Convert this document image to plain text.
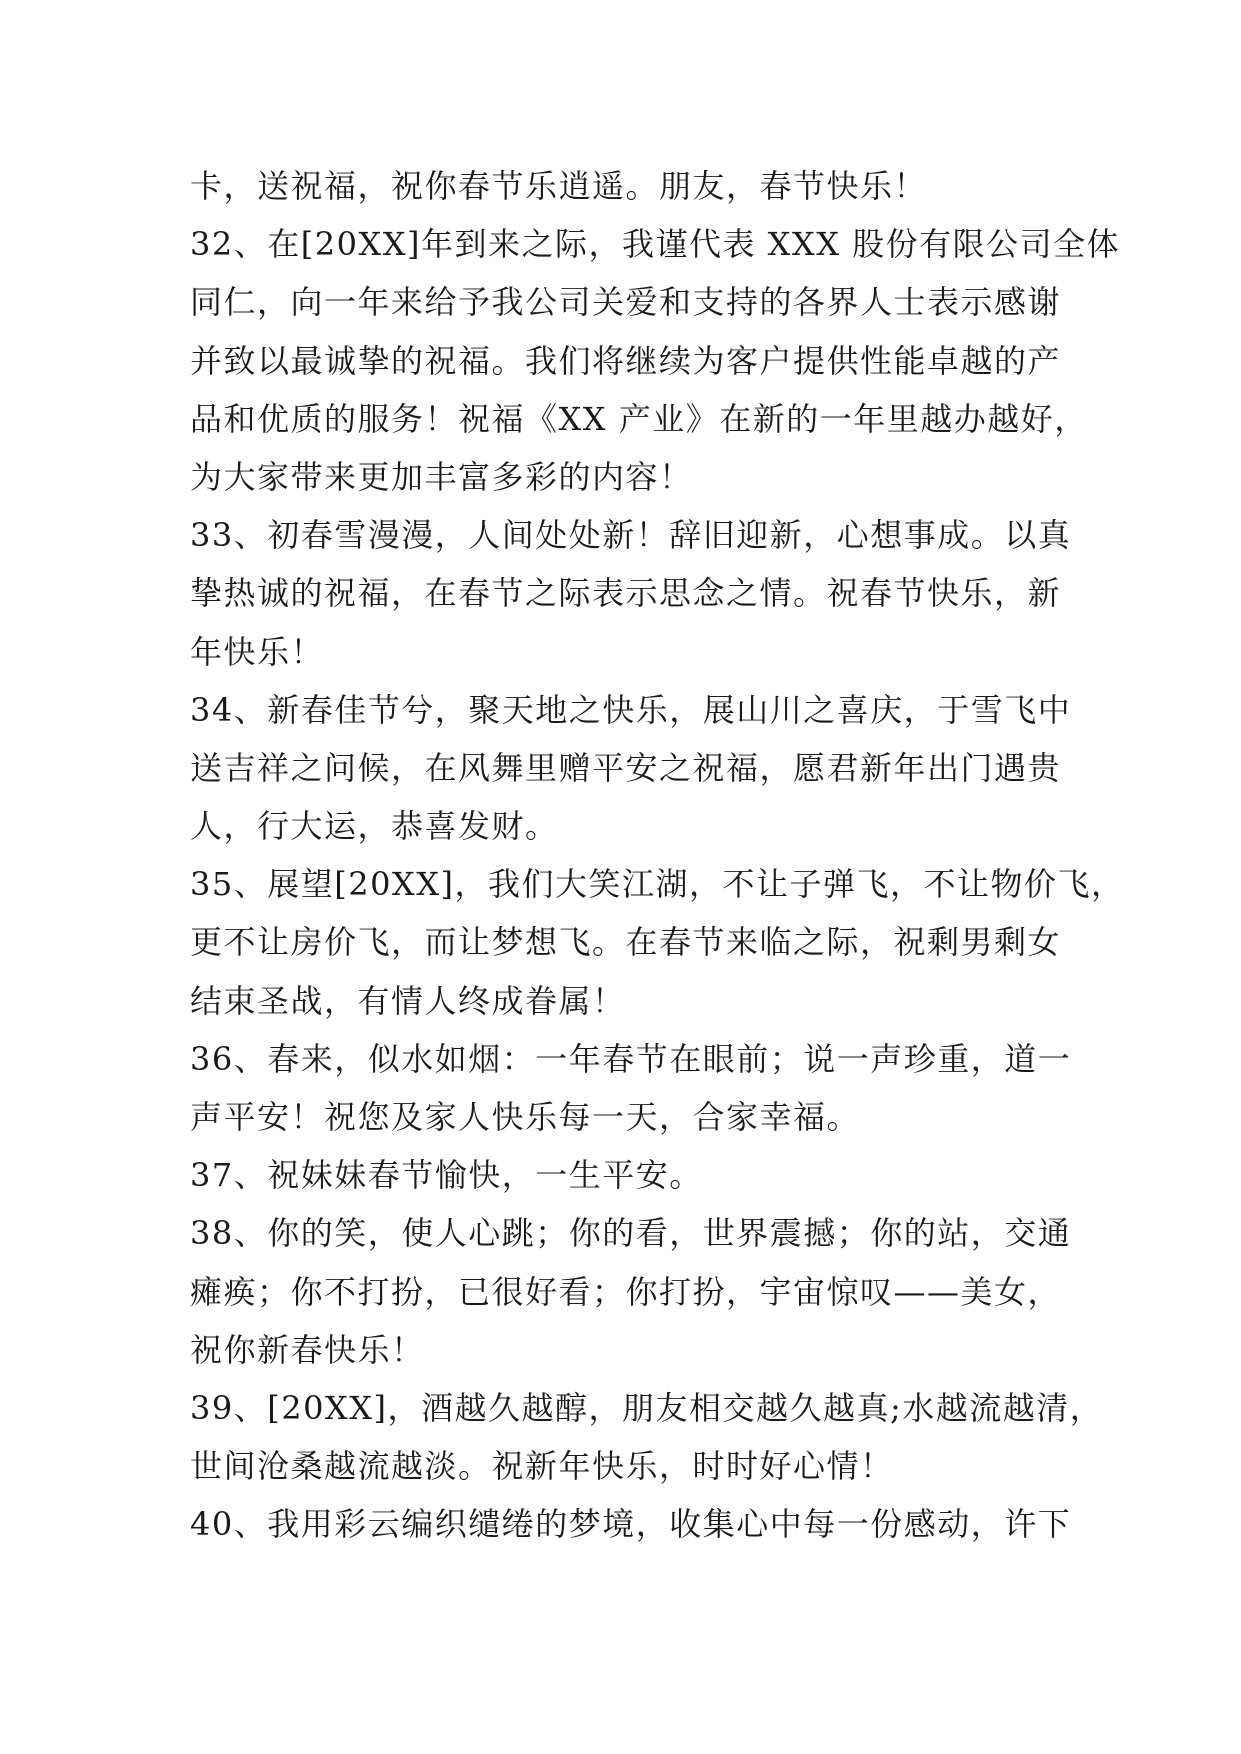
卡，送祝福，祝你春节乐逍遥。朋友，春节快乐！
32、在[20XX]年到来之际，我谨代表 XXX 股份有限公司全体
同仁，向一年来给予我公司关爱和支持的各界人士表示感谢
并致以最诚挚的祝福。我们将继续为客户提供性能卓越的产
品和优质的服务！祝福《XX 产业》在新的一年里越办越好，
为大家带来更加丰富多彩的内容！
33、初春雪漫漫，人间处处新！辞旧迎新，心想事成。以真
挚热诚的祝福，在春节之际表示思念之情。祝春节快乐，新
年快乐！
34、新春佳节兮，聚天地之快乐，展山川之喜庆，于雪飞中
送吉祥之问候，在风舞里赠平安之祝福，愿君新年出门遇贵
人，行大运，恭喜发财。
35、展望[20XX]，我们大笑江湖，不让子弹飞，不让物价飞，
更不让房价飞，而让梦想飞。在春节来临之际，祝剩男剩女
结束圣战，有情人终成眷属！
36、春来，似水如烟：一年春节在眼前；说一声珍重，道一
声平安！祝您及家人快乐每一天，合家幸福。
37、祝妹妹春节愉快，一生平安。
38、你的笑，使人心跳；你的看，世界震撼；你的站，交通
瘫痪；你不打扮，已很好看；你打扮，宇宙惊叹——美女，
祝你新春快乐！
39、[20XX]，酒越久越醇，朋友相交越久越真;水越流越清，
世间沧桑越流越淡。祝新年快乐，时时好心情！
40、我用彩云编织缱绻的梦境，收集心中每一份感动，许下
